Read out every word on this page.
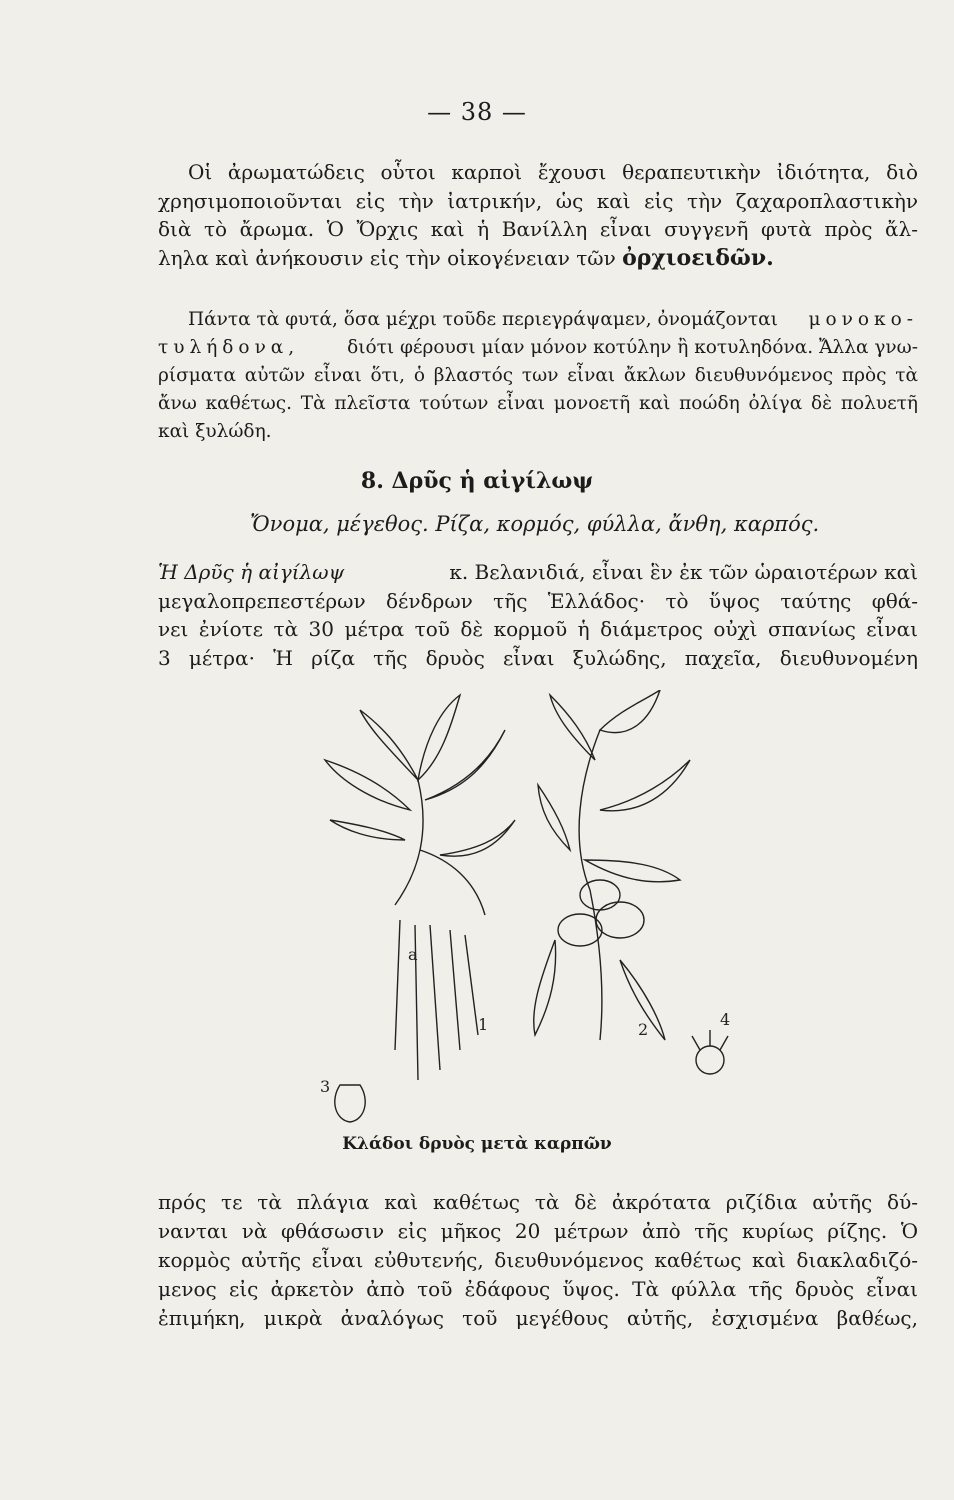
— 38 —
Οἱ ἀρωματώδεις οὗτοι καρποὶ ἔχουσι θεραπευτικὴν ἰδιότητα, διὸ
χρησιμοποιοῦνται εἰς τὴν ἰατρικήν, ὡς καὶ εἰς τὴν ζαχαροπλαστικὴν
διὰ τὸ ἄρωμα. Ὁ Ὄρχις καὶ ἡ Βανίλλη εἶναι συγγενῆ φυτὰ πρὸς ἄλ-
ληλα καὶ ἀνήκουσιν εἰς τὴν οἰκογένειαν τῶν ὀρχιοειδῶν.
Πάντα τὰ φυτά, ὅσα μέχρι τοῦδε περιεγράψαμεν, ὀνομάζονται μονοκο-
τυλήδονα,	διότι φέρουσι μίαν μόνον κοτύλην ἢ κοτυληδόνα. Ἄλλα γνω-
ρίσματα αὐτῶν εἶναι ὅτι, ὁ βλαστός των εἶναι ἄκλων διευθυνόμενος πρὸς τὰ
ἄνω καθέτως. Τὰ πλεῖστα τούτων εἶναι μονοετῆ καὶ ποώδη ὀλίγα δὲ πολυετῆ
καὶ ξυλώδη.
8. Δρῦς ἡ αἰγίλωψ
Ὄνομα, μέγεθος. Ρίζα, κορμός, φύλλα, ἄνθη, καρπός.
Ἡ Δρῦς ἡ αἰγίλωψ	κ. Βελανιδιά, εἶναι ἓν ἐκ τῶν ὡραιοτέρων καὶ
μεγαλοπρεπεστέρων δένδρων τῆς Ἑλλάδος· τὸ ὕψος ταύτης φθά-
νει ἐνίοτε τὰ 30 μέτρα τοῦ δὲ κορμοῦ ἡ διάμετρος οὐχὶ σπανίως εἶναι
3 μέτρα· Ἡ ρίζα τῆς δρυὸς εἶναι ξυλώδης, παχεῖα, διευθυνομένη
1	2
3
4
a
Κλάδοι δρυὸς μετὰ καρπῶν
πρός τε τὰ πλάγια καὶ καθέτως τὰ δὲ ἀκρότατα ριζίδια αὐτῆς δύ-
νανται νὰ φθάσωσιν εἰς μῆκος 20 μέτρων ἀπὸ τῆς κυρίως ρίζης. Ὁ
κορμὸς αὐτῆς εἶναι εὐθυτενής, διευθυνόμενος καθέτως καὶ διακλαδιζό-
μενος εἰς ἀρκετὸν ἀπὸ τοῦ ἐδάφους ὕψος. Τὰ φύλλα τῆς δρυὸς εἶναι
ἐπιμήκη, μικρὰ ἀναλόγως τοῦ μεγέθους αὐτῆς, ἐσχισμένα βαθέως,
